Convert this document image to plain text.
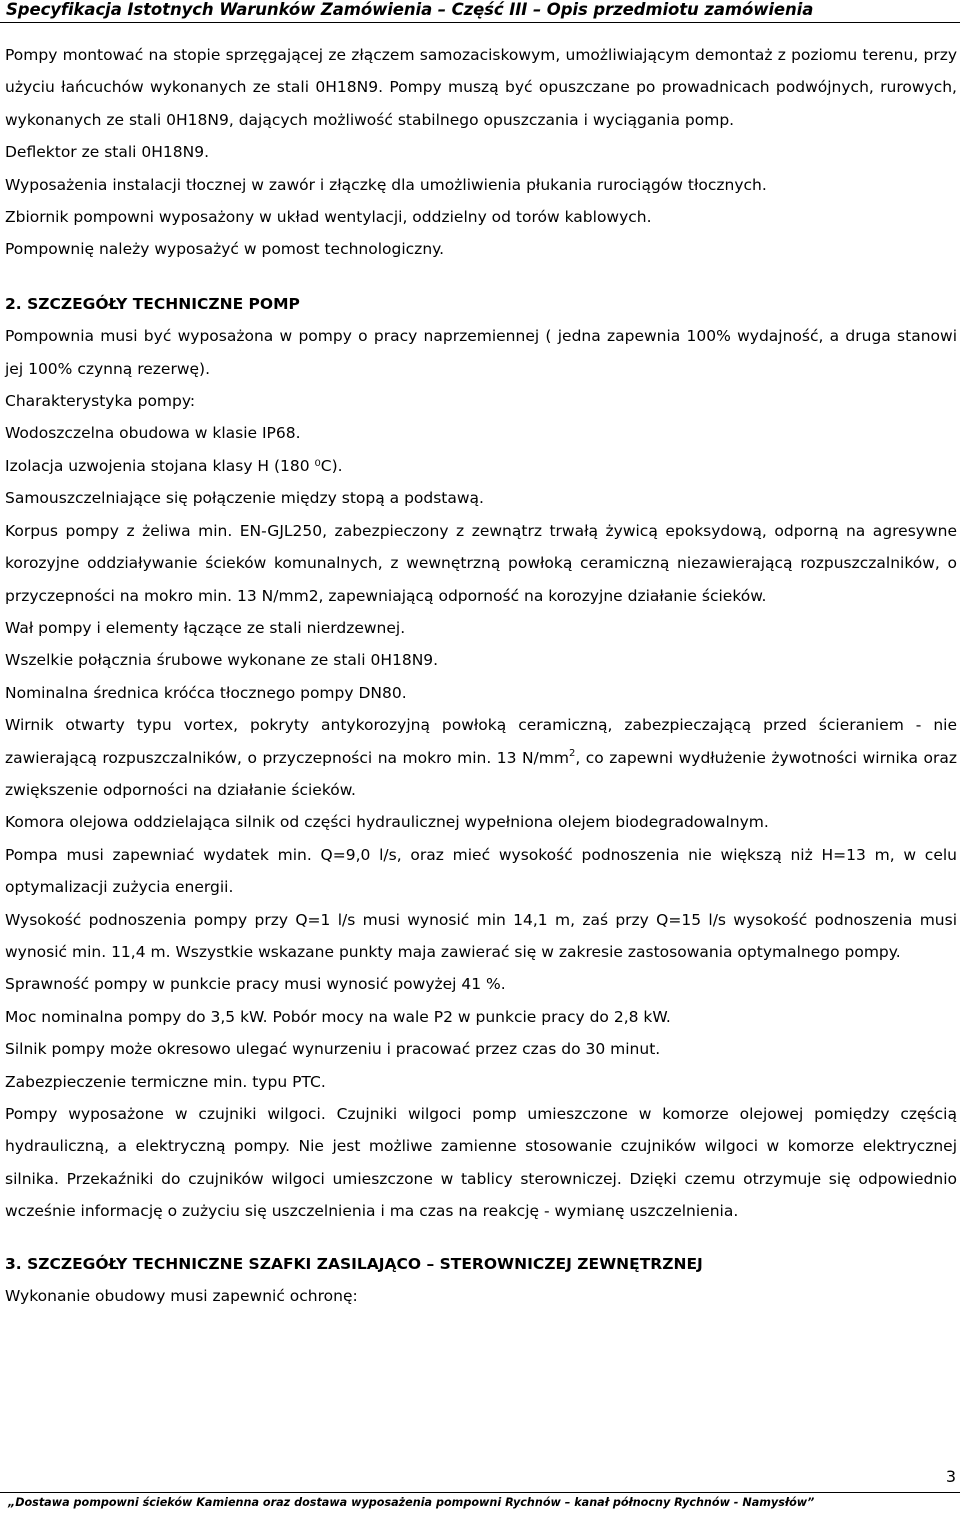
Specyfikacja Istotnych Warunków Zamówienia – Część III – Opis przedmiotu zamówienia

Pompy montować na stopie sprzęgającej ze złączem samozaciskowym, umożliwiającym demontaż z poziomu terenu, przy użyciu łańcuchów wykonanych ze stali 0H18N9. Pompy muszą być opuszczane po prowadnicach podwójnych, rurowych, wykonanych ze stali 0H18N9, dających możliwość stabilnego opuszczania i wyciągania pomp.

Deflektor ze stali 0H18N9.

Wyposażenia instalacji tłocznej w zawór i złączkę dla umożliwienia płukania rurociągów tłocznych.

Zbiornik pompowni wyposażony w układ wentylacji, oddzielny od torów kablowych.

Pompownię należy wyposażyć w pomost technologiczny.

2. SZCZEGÓŁY TECHNICZNE POMP

Pompownia musi być wyposażona w pompy o pracy naprzemiennej ( jedna zapewnia 100% wydajność, a druga stanowi jej 100% czynną rezerwę).

Charakterystyka pompy:

Wodoszczelna obudowa w klasie IP68.

Izolacja uzwojenia stojana klasy H (180 ⁰C).

Samouszczelniające się połączenie między stopą a podstawą.

Korpus pompy z żeliwa min. EN-GJL250, zabezpieczony z zewnątrz trwałą żywicą epoksydową, odporną na agresywne korozyjne oddziaływanie ścieków komunalnych, z wewnętrzną powłoką ceramiczną niezawierającą rozpuszczalników, o przyczepności na mokro min. 13 N/mm2, zapewniającą odporność na korozyjne działanie ścieków.

Wał pompy i elementy łączące ze stali nierdzewnej.

Wszelkie połącznia śrubowe wykonane ze stali 0H18N9.

Nominalna średnica króćca tłocznego pompy DN80.

Wirnik otwarty typu vortex, pokryty antykorozyjną powłoką ceramiczną, zabezpieczającą przed ścieraniem - nie zawierającą rozpuszczalników, o przyczepności na mokro min. 13 $N/mm^2$, co zapewni wydłużenie żywotności wirnika oraz zwiększenie odporności na działanie ścieków.

Komora olejowa oddzielająca silnik od części hydraulicznej wypełniona olejem biodegradowalnym.

Pompa musi zapewniać wydatek min. Q=9,0 l/s, oraz mieć wysokość podnoszenia nie większą niż H=13 m, w celu optymalizacji zużycia energii.

Wysokość podnoszenia pompy przy Q=1 l/s musi wynosić min 14,1 m, zaś przy Q=15 l/s wysokość podnoszenia musi wynosić min. 11,4 m. Wszystkie wskazane punkty maja zawierać się w zakresie zastosowania optymalnego pompy.

Sprawność pompy w punkcie pracy musi wynosić powyżej 41 %.

Moc nominalna pompy do 3,5 kW. Pobór mocy na wale P2 w punkcie pracy do 2,8 kW.

Silnik pompy może okresowo ulegać wynurzeniu i pracować przez czas do 30 minut.

Zabezpieczenie termiczne min. typu PTC.

Pompy wyposażone w czujniki wilgoci. Czujniki wilgoci pomp umieszczone w komorze olejowej pomiędzy częścią hydrauliczną, a elektryczną pompy. Nie jest możliwe zamienne stosowanie czujników wilgoci w komorze elektrycznej silnika. Przekaźniki do czujników wilgoci umieszczone w tablicy sterowniczej. Dzięki czemu otrzymuje się odpowiednio wcześnie informację o zużyciu się uszczelnienia i ma czas na reakcję - wymianę uszczelnienia.

3. SZCZEGÓŁY TECHNICZNE SZAFKI ZASILAJĄCO – STEROWNICZEJ ZEWNĘTRZNEJ

Wykonanie obudowy musi zapewnić ochronę:

3
„Dostawa pompowni ścieków Kamienna oraz dostawa wyposażenia pompowni Rychnów – kanał północny Rychnów - Namysłów”
